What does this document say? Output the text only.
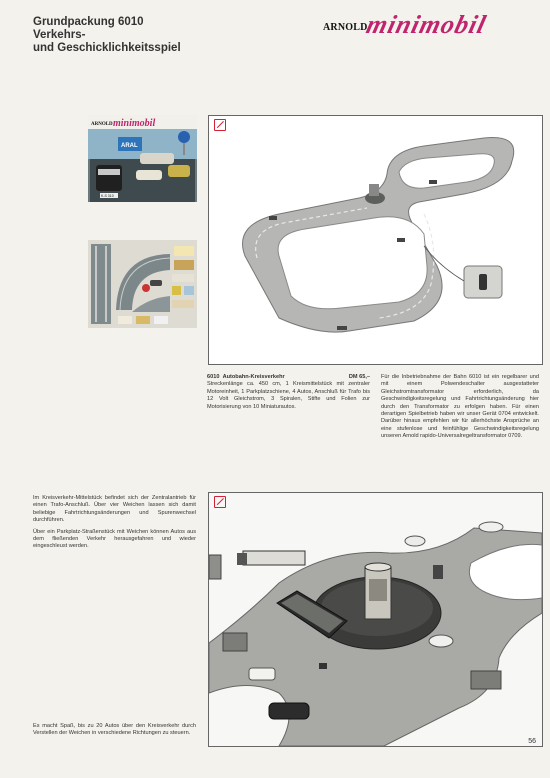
Grundpackung 6010
Verkehrs-
und Geschicklichkeitsspiel
ARNOLD
minimobil
ARNOLD minimobil
ARAL
K-S 310
6010 Autobahn-Kreisverkehr	DM 65,–
Streckenlänge ca. 450 cm, 1 Kreismittelstück mit zentraler Motoreinheit, 1 Parkplatzschiene, 4 Autos, Anschluß für Trafo bis 12 Volt Gleichstrom, 3 Spiralen, Stifte und Folien zur Motorisierung von 10 Miniaturautos.
Für die Inbetriebnahme der Bahn 6010 ist ein regelbarer und mit einem Polwendeschalter ausgestatteter Gleichstromtransformator erforderlich, da Geschwindigkeitsregelung und Fahrtrichtungsänderung hier durch den Transformator zu erfolgen haben. Für einen derartigen Spielbetrieb haben wir unser Gerät 0704 entwickelt. Darüber hinaus empfehlen wir für allerhöchste Ansprüche an eine stufenlose und feinfühlige Geschwindigkeitsregelung unseren Arnold rapido-Universalregeltransformator 0709.
Im Kreisverkehr-Mittelstück befindet sich der Zentralantrieb für einen Trafo-Anschluß. Über vier Weichen lassen sich damit beliebige Fahrtrichtungsänderungen und Spurenwechsel durchführen.
Über ein Parkplatz-Straßenstück mit Weichen können Autos aus dem fließenden Verkehr herausgefahren und wieder eingeschleust werden.
Es macht Spaß, bis zu 20 Autos über den Kreisverkehr durch Verstellen der Weichen in verschiedene Richtungen zu steuern.
56
